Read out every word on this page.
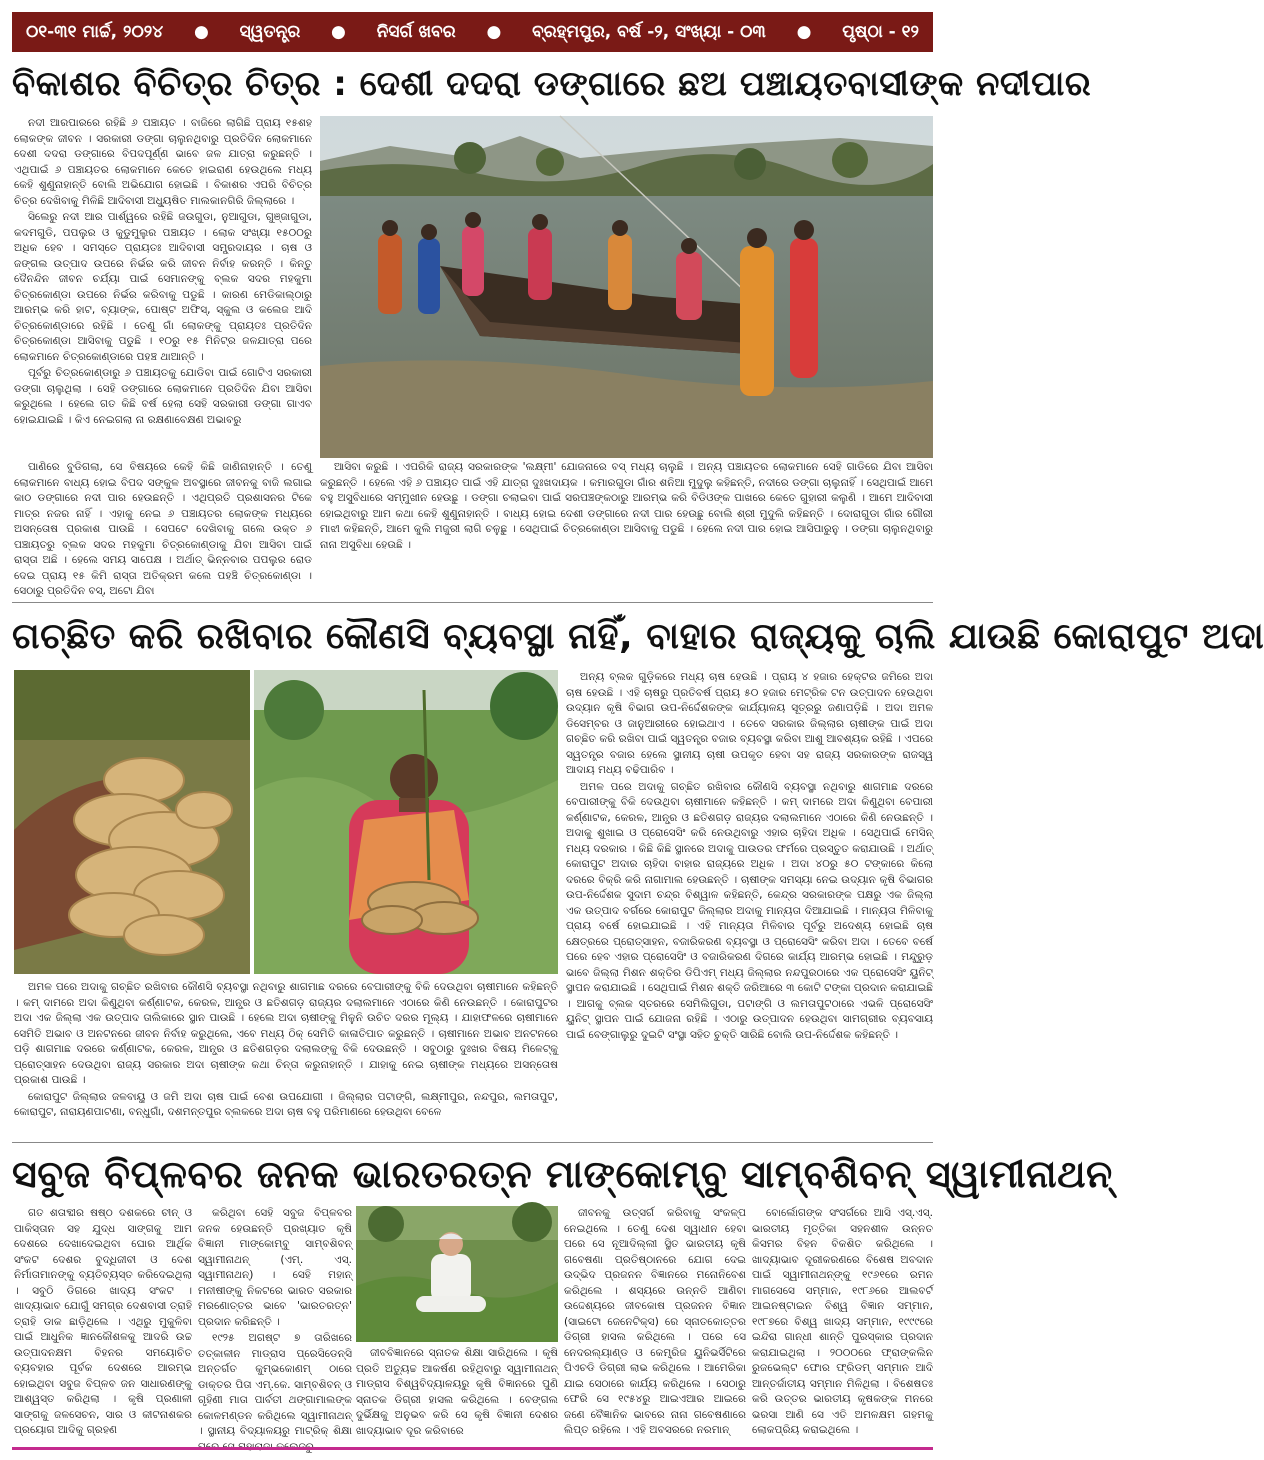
୦୧-୩୧ ମାର୍ଚ୍ଚ, ୨୦୨୪ ● ସ୍ୱତନ୍ତ୍ର ● ନିସର୍ଗ ଖବର ● ବ୍ରହ୍ମପୁର, ବର୍ଷ -୨, ସଂଖ୍ୟା - ୦୩ ● ପୃଷ୍ଠା - ୧୨
ବିକାଶର ବିଚିତ୍ର ଚିତ୍ର : ଦେଶୀ ଦଦରା ଡଙ୍ଗାରେ ଛଅ ପଞ୍ଚାୟତବାସୀଙ୍କ ନଦୀପାର

ନଦୀ ଆରପାରରେ ରହିଛି ୬ ପଞ୍ଚାୟତ । ବାଜିରେ ଲାଗିଛି ପ୍ରାୟ ୧୫ଶହ ଲୋକଙ୍କ ଜୀବନ । ସରକାରୀ ଡଙ୍ଗା ଚାଲୁନଥିବାରୁ ପ୍ରତିଦିନ ଲୋକମାନେ ଦେଶୀ ଦଦରା ଡଙ୍ଗାରେ ବିପଦପୂର୍ଣ୍ଣ ଭାବେ ଜଳ ଯାତ୍ରା କରୁଛନ୍ତି । ଏଥିପାଇଁ ୬ ପଞ୍ଚାୟତର ଲୋକମାନେ କେତେ ହାଇରାଣ ହେଉଥିଲେ ମଧ୍ୟ କେହି ଶୁଣୁନାହାନ୍ତି ବୋଲି ଅଭିଯୋଗ ହୋଇଛି । ବିକାଶର ଏପରି ବିଚିତ୍ର ଚିତ୍ର ଦେଖିବାକୁ ମିଳିଛି ଆଦିବାସୀ ଅଧ୍ୟୁଷିତ ମାଲକାନଗିରି ଜିଲ୍ଲାରେ ।

ସିଲେରୁ ନଦୀ ଆର ପାର୍ଶ୍ୱରେ ରହିଛି ଜଉଗୁଡା, ନୁଆଗୁଡା, ଗୁଞ୍ଜାଗୁଡା, କଦମଗୁଡି, ପପଲୁର ଓ କୁଡୁମୁଲୁର ପଞ୍ଚାୟତ । ଲୋକ ସଂଖ୍ୟା ୧୫୦୦ରୁ ଅଧିକ ହେବ । ସମସ୍ତେ ପ୍ରାୟତଃ ଆଦିବାସୀ ସମ୍ପ୍ରଦାୟର । ଚାଷ ଓ ଜଙ୍ଗଲ ଉତ୍ପାଦ ଉପରେ ନିର୍ଭର କରି ଜୀବନ ନିର୍ବାହ କରନ୍ତି । କିନ୍ତୁ ଦୈନନ୍ଦିନ ଜୀବନ ଚର୍ଯ୍ୟା ପାଇଁ ସେମାନଙ୍କୁ ବ୍ଲକ ସଦର ମହକୁମା ଚିତ୍ରକୋଣ୍ଡା ଉପରେ ନିର୍ଭର କରିବାକୁ ପଡୁଛି । କାରଣ ମେଡିକାଲ୍‌ଠାରୁ ଆରମ୍ଭ କରି ହାଟ, ବ୍ୟାଙ୍କ, ପୋଷ୍ଟ ଅଫିସ୍, ସ୍କୁଲ ଓ କଲେଜ ଆଦି ଚିତ୍ରକୋଣ୍ଡାରେ ରହିଛି । ତେଣୁ ଗାଁ ଲୋକଙ୍କୁ ପ୍ରାୟତଃ ପ୍ରତିଦିନ ଚିତ୍ରକୋଣ୍ଡା ଆସିବାକୁ ପଡୁଛି । ୧୦ରୁ ୧୫ ମିନିଟ୍ର ଜଳଯାତ୍ରା ପରେ ଲୋକମାନେ ଚିତ୍ରକୋଣ୍ଡାରେ ପହଞ୍ଚ ଥାଆନ୍ତି ।

ପୂର୍ବରୁ ଚିତ୍ରକୋଣ୍ଡାରୁ ୬ ପଞ୍ଚାୟତକୁ ଯୋଡିବା ପାଇଁ ଗୋଟିଏ ସରକାରୀ ଡଙ୍ଗା ଚାଲୁଥିଲା । ସେହି ଡଙ୍ଗାରେ ଲୋକମାନେ ପ୍ରତିଦିନ ଯିବା ଆସିବା କରୁଥିଲେ । ହେଲେ ଗତ କିଛି ବର୍ଷ ହେଲା ସେହି ସରକାରୀ ଡଙ୍ଗା ଗାଏବ ହୋଇଯାଇଛି । କିଏ ନେଇଗଲା ନା ରକ୍ଷଣାବେକ୍ଷଣ ଅଭାବରୁ

ପାଣିରେ ବୁଡିଗଲା, ସେ ବିଷୟରେ କେହି କିଛି ଜାଣିନାହାନ୍ତି । ତେଣୁ ଲୋକମାନେ ବାଧ୍ୟ ହୋଇ ବିପଦ ସଙ୍କୁଳ ଅବସ୍ଥାରେ ଜୀବନକୁ ବାଜି ଲଗାଇ କାଠ ଡଙ୍ଗାରେ ନଦୀ ପାର ହେଉଛନ୍ତି । ଏଥିପ୍ରତି ପ୍ରଶାସନର ଟିକେ ମାତ୍ର ନଜର ନାହିଁ । ଏହାକୁ ନେଇ ୬ ପଞ୍ଚାୟତର ଲୋକଙ୍କ ମଧ୍ୟରେ ଅସନ୍ତୋଷ ପ୍ରକାଶ ପାଉଛି । ସେପଟେ ଦେଖିବାକୁ ଗଲେ ଉକ୍ତ ୬ ପଞ୍ଚାୟତରୁ ବ୍ଲକ ସଦର ମହକୁମା ଚିତ୍ରକୋଣ୍ଡାକୁ ଯିବା ଆସିବା ପାଇଁ ରାସ୍ତା ଅଛି । ହେଲେ ସମୟ ସାପେକ୍ଷ । ଅର୍ଥାତ୍ ଭିନ୍ନବାର ପପଲୁର ରୋଡ ଦେଇ ପ୍ରାୟ ୧୫ କିମି ରାସ୍ତା ଅତିକ୍ରମ କଲେ ପହଞ୍ଚି ଚିତ୍ରକୋଣ୍ଡା । ସେଠାରୁ ପ୍ରତିଦିନ ବସ୍, ଅଟୋ ଯିବା

ଆସିବା କରୁଛି । ଏପରିକି ରାଜ୍ୟ ସରକାରଙ୍କ 'ଲକ୍ଷ୍ମୀ' ଯୋଜନାରେ ବସ୍ ମଧ୍ୟ ଚାଲୁଛି । ଅନ୍ୟ ପଞ୍ଚାୟତର ଲୋକମାନେ ସେହି ଗାଡିରେ ଯିବା ଆସିବା କରୁଛନ୍ତି । ହେଲେ ଏହି ୬ ପଞ୍ଚାୟତ ପାଇଁ ଏହି ଯାତ୍ରା ଦୁଃଖଦାୟକ । କମାରଗୁଡା ଗାଁର ଶନିଆ ମୁଦୁଲୁ କହିଛନ୍ତି, ନଦୀରେ ଡଙ୍ଗା ଚାଲୁନାହିଁ । ସେଥିପାଇଁ ଆମେ ବହୁ ଅସୁବିଧାରେ ସମ୍ମୁଖୀନ ହେଉଛୁ । ଡଙ୍ଗା ଚଲାଇବା ପାଇଁ ସରପଞ୍ଚଙ୍କଠାରୁ ଆରମ୍ଭ କରି ବିଡିଓଙ୍କ ପାଖରେ କେତେ ଗୁହାରୀ କଲୁଣି । ଆମେ ଆଦିବାସୀ ହୋଇଥିବାରୁ ଆମ କଥା କେହି ଶୁଣୁନାହାନ୍ତି । ବାଧ୍ୟ ହୋଇ ଦେଶୀ ଡଙ୍ଗାରେ ନଦୀ ପାର ହେଉଛୁ ବୋଲି ଶ୍ରୀ ମୁଦୁଲି କହିଛନ୍ତି । ଦୋରାଗୁଡା ଗାଁର ଗୌରୀ ମାଝୀ କହିଛନ୍ତି, ଆମେ କୁଲି ମଜୁରୀ ଲାଗି ଚଳୁଛୁ । ସେଥିପାଇଁ ଚିତ୍ରକୋଣ୍ଡା ଆସିବାକୁ ପଡୁଛି । ହେଲେ ନଦୀ ପାର ହୋଇ ଆସିପାରୁନୁ । ଡଙ୍ଗା ଚାଲୁନଥିବାରୁ ନାନା ଅସୁବିଧା ହେଉଛି ।

ଗଚ୍ଛିତ କରି ରଖିବାର କୌଣସି ବ୍ୟବସ୍ଥା ନାହିଁ, ବାହାର ରାଜ୍ୟକୁ ଚାଲି ଯାଉଛି କୋରାପୁଟ ଅଦା

ଅନ୍ୟ ବ୍ଲକ ଗୁଡ଼ିକରେ ମଧ୍ୟ ଚାଷ ହେଉଛି । ପ୍ରାୟ ୪ ହଜାର ହେକ୍ଟର ଜମିରେ ଅଦା ଚାଷ ହେଉଛି । ଏହି ଚାଷରୁ ପ୍ରତିବର୍ଷ ପ୍ରାୟ ୫୦ ହଜାର ମେଟ୍ରିକ ଟନ ଉତ୍ପାଦନ ହେଉଥିବା ଉଦ୍ୟାନ କୃଷି ବିଭାଗ ଉପ-ନିର୍ଦ୍ଦେଶକଙ୍କ କାର୍ଯ୍ୟାଳୟ ସୂତ୍ରରୁ ଜଣାପଡ଼ିଛି । ଅଦା ଅମଳ ଡିସେମ୍ବର ଓ ଜାନୁଆରୀରେ ହୋଇଥାଏ । ତେବେ ସରକାର ଜିଲ୍ଲାର ଚାଷୀଙ୍କ ପାଇଁ ଅଦା ଗଚ୍ଛିତ କରି ରଖିବା ପାଇଁ ସ୍ୱତନ୍ତ୍ର ବଜାର ବ୍ୟବସ୍ଥା କରିବା ଆଶୁ ଆବଶ୍ୟକ ରହିଛି । ଏପରେ ସ୍ୱତନ୍ତ୍ର ବଜାର ହେଲେ ସ୍ଥାନୀୟ ଚାଷୀ ଉପକୃତ ହେବା ସହ ରାଜ୍ୟ ସରକାରଙ୍କ ରାଜସ୍ୱ ଆଦାୟ ମଧ୍ୟ ବଢିପାରିବ ।

ଅମଳ ପରେ ଅଦାକୁ ଗଚ୍ଛିତ ରଖିବାର କୌଣସି ବ୍ୟବସ୍ଥା ନଥିବାରୁ ଶାଗମାଛ ଦରରେ ବେପାରୀଙ୍କୁ ବିକି ଦେଉଥିବା ଚାଷୀମାନେ କହିଛନ୍ତି । କମ୍ ଦାମରେ ଅଦା କିଣୁଥିବା ବେପାରୀ କର୍ଣ୍ଣାଟକ, କେରଳ, ଆନ୍ଧ୍ର ଓ ଛତିଶଗଡ଼ ରାଜ୍ୟର ଦଲାଲମାନେ ଏଠାରେ କିଣି ନେଉଛନ୍ତି । ଅଦାକୁ ଶୁଖାଇ ଓ ପ୍ରୋସେସିଂ କରି ନେଉଥିବାରୁ ଏହାର ଚାହିଦା ଅଧିକ । ସେଥିପାଇଁ ମେସିନ୍ ମଧ୍ୟ ଦରକାର । କିଛି କିଛି ସ୍ଥାନରେ ଅଦାକୁ ପାଉଡର ଫର୍ମରେ ପ୍ରସ୍ତୁତ କରାଯାଉଛି । ଅର୍ଥାତ୍ କୋରାପୁଟ ଅଦାର ଚାହିଦା ବାହାର ରାଜ୍ୟରେ ଅଧିକ । ଅଦା ୪୦ରୁ ୫୦ ଟଙ୍କାରେ କିଲୋ ଦରରେ ବିକ୍ରି କରି ନାଗାମାଲ ହେଉଛନ୍ତି । ଚାଷୀଙ୍କ ସମସ୍ୟା ନେଇ ଉଦ୍ୟାନ କୃଷି ବିଭାଗର ଉପ-ନିର୍ଦ୍ଦେଶକ ସୁଦାମ ଚନ୍ଦ୍ର ବିଶ୍ୱାଳ କହିଛନ୍ତି, କେନ୍ଦ୍ର ସରକାରଙ୍କ ପକ୍ଷରୁ ଏକ ଜିଲ୍ଲା ଏକ ଉତ୍ପାଦ ବର୍ଗରେ କୋରାପୁଟ ଜିଲ୍ଲାର ଅଦାକୁ ମାନ୍ୟତା ଦିଆଯାଇଛି । ମାନ୍ୟତା ମିଳିବାକୁ ପ୍ରାୟ ବର୍ଷେ ହୋଇଯାଇଛି । ଏହି ମାନ୍ୟତା ମିଳିବାର ପୂର୍ବରୁ ଅଦେଶ୍ୟ ହୋଇଛି ଚାଷ କ୍ଷେତ୍ରରେ ପ୍ରୋତ୍ସାହନ, ବଜାରିକରଣ ବ୍ୟବସ୍ଥା ଓ ପ୍ରୋସେସିଂ କରିବା ଅଦା । ତେବେ ବର୍ଷେ ପରେ ହେବ ଏହାର ପ୍ରୋସେସିଂ ଓ ବଜାରିକରଣ ଦିଗରେ କାର୍ଯ୍ୟ ଆରମ୍ଭ ହୋଇଛି । ମନ୍ଦୁରୁଡ଼ ଭାବେ ଜିଲ୍ଲା ମିଶନ ଶକ୍ତିର ଡିପିଏମ୍ ମଧ୍ୟ ଜିଲ୍ଲାର ନନ୍ଦପୁରଠାରେ ଏକ ପ୍ରୋସେସିଂ ୟୁନିଟ୍ ସ୍ଥାପନ କରାଯାଇଛି । ସେଥିପାଇଁ ମିଶନ ଶକ୍ତି ଜରିଆରେ ୩ କୋଟି ଟଙ୍କା ପ୍ରଦାନ କରାଯାଇଛି । ଆଗକୁ ବ୍ଲକ ସ୍ତରରେ ସେମିଲିଗୁଡା, ପଟାଙ୍ଗି ଓ ଲମତାପୁଟଠାରେ ଏଭଳି ପ୍ରୋସେସିଂ ୟୁନିଟ୍ ସ୍ଥାପନ ପାଇଁ ଯୋଜନା ରହିଛି । ଏଠାରୁ ଉତ୍ପାଦନ ହେଉଥିବା ସାମଗ୍ରୀର ବ୍ୟବସାୟ ପାଇଁ ବେଙ୍ଗାଲୁରୁ ଦୁଇଟି ସଂସ୍ଥା ସହିତ ଚୁକ୍ତି ସାରିଛି ବୋଲି ଉପ-ନିର୍ଦ୍ଦେଶକ କହିଛନ୍ତି ।

ଅମଳ ପରେ ଅଦାକୁ ଗଚ୍ଛିତ ରଖିବାର କୌଣସି ବ୍ୟବସ୍ଥା ନଥିବାରୁ ଶାଗମାଛ ଦରରେ ବେପାରୀଙ୍କୁ ବିକି ଦେଉଥିବା ଚାଷୀମାନେ କହିଛନ୍ତି । କମ୍ ଦାମରେ ଅଦା କିଣୁଥିବା କର୍ଣ୍ଣାଟକ, କେରଳ, ଆନ୍ଧ୍ର ଓ ଛତିଶଗଡ଼ ରାଜ୍ୟର ଦଲାଲମାନେ ଏଠାରେ କିଣି ନେଉଛନ୍ତି । କୋରାପୁଟର ଅଦା ଏକ ଜିଲ୍ଲା ଏକ ଉତ୍ପାଦ ତାଲିକାରେ ସ୍ଥାନ ପାଉଛି । ହେଲେ ଅଦା ଚାଷୀଙ୍କୁ ମିଳୁନି ଉଚିତ ଦରର ମୂଲ୍ୟ । ଯାହାଫଳରେ ଚାଷୀମାନେ ସେମିତି ଅଭାବ ଓ ଅନଟନରେ ଜୀବନ ନିର୍ବାହ କରୁଥିଲେ, ଏବେ ମଧ୍ୟ ଠିକ୍ ସେମିତି କାଳାତିପାତ କରୁଛନ୍ତି । ଚାଷୀମାନେ ଅଭାବ ଅନଟନରେ ପଡ଼ି ଶାଗମାଛ ଦରରେ କର୍ଣ୍ଣାଟକ, କେରଳ, ଆନ୍ଧ୍ର ଓ ଛତିଶଗଡ଼ର ଦଲାଲଙ୍କୁ ବିକି ଦେଉଛନ୍ତି । ସବୁଠାରୁ ଦୁଃଖର ବିଷୟ ମିଳେଟ୍‌କୁ ପ୍ରୋତ୍ସାହନ ଦେଉଥିବା ରାଜ୍ୟ ସରକାର ଅଦା ଚାଷୀଙ୍କ କଥା ଚିନ୍ତା କରୁନାହାନ୍ତି । ଯାହାକୁ ନେଇ ଚାଷୀଙ୍କ ମଧ୍ୟରେ ଅସନ୍ତୋଷ ପ୍ରକାଶ ପାଉଛି ।

କୋରାପୁଟ ଜିଲ୍ଲାର ଜଳବାୟୁ ଓ ଜମି ଅଦା ଚାଷ ପାଇଁ ବେଶ ଉପଯୋଗୀ । ଜିଲ୍ଲାର ପଟାଙ୍ଗି, ଲକ୍ଷ୍ମୀପୁର, ନନ୍ଦପୁର, ଲମତାପୁଟ, କୋରାପୁଟ, ନାରାୟଣପାଟଣା, ବନ୍ଧୁଗାଁ, ଦଶମନ୍ତପୁର ବ୍ଲକରେ ଅଦା ଚାଷ ବହୁ ପରିମାଣରେ ହେଉଥିବା ବେଳେ

ସବୁଜ ବିପ୍ଳବର ଜନକ ଭାରତରତ୍ନ ମାଙ୍କୋମ୍ବୁ ସାମ୍ବଶିବନ୍ ସ୍ୱାମୀନାଥନ୍

ଗତ ଶତାବ୍ଦୀର ଷଷ୍ଠ ଦଶକରେ ଚୀନ୍ ଓ ପାକିସ୍ତାନ ସହ ଯୁଦ୍ଧ ସାଙ୍ଗକୁ ଆମ ଦେଶରେ ଦେଖାଦେଇଥିବା ଘୋର ଆର୍ଥିକ ସଂକଟ ଦେଶର ବୁଦ୍ଧିଜୀବୀ ଓ ଦେଶ ନିର୍ମାତାମାନଙ୍କୁ ବ୍ୟତିବ୍ୟସ୍ତ କରିଦେଇଥିଲା । ସବୁଠି ଡିଗରେ ଖାଦ୍ୟ ସଂକଟ । ଖାଦ୍ୟାଭାବ ଯୋଗୁଁ ସମଗ୍ର ଦେଶବାସୀ ତ୍ରାହି ତ୍ରାହି ଡାକ ଛାଡ଼ିଥିଲେ । ଏଥିରୁ ମୁକୁଳିବା ପାଇଁ ଆଧୁନିକ ଜ୍ଞାନକୌଶଳକୁ ଆଦରି ଉଚ୍ଚ ଉତ୍ପାଦନକ୍ଷମ ବିହନର ସମୟୋଚିତ ବ୍ୟବହାର ପୂର୍ବକ ଦେଶରେ ଆରମ୍ଭ ହୋଇଥିବା ସବୁଜ ବିପ୍ଳବ ଜନ ସାଧାରଣଙ୍କୁ ଆଶ୍ୱସ୍ତ କରିଥିଲା । କୃଷି ପ୍ରଣାଳୀ ସାଙ୍ଗକୁ ଜଳସେଚନ, ସାର ଓ କୀଟନାଶକର ପ୍ରୟୋଗ ଆଦିକୁ ଗ୍ରହଣ

କରିଥିବା ସେହି ସବୁଜ ବିପ୍ଳବର ଜନକ ହେଉଛନ୍ତି ପ୍ରଖ୍ୟାତ କୃଷି ବିଜ୍ଞାନୀ ମାଙ୍କୋମ୍ବୁ ସାମ୍ବଶିବନ୍ ସ୍ୱାମୀନାଥନ୍ (ଏମ୍. ଏସ୍. ସ୍ୱାମୀନାଥନ୍) । ସେହି ମହାନ୍ ମନୀଷୀଙ୍କୁ ନିକଟରେ ଭାରତ ସରକାର ମରଣୋତ୍ତର ଭାବେ 'ଭାରତରତ୍ନ' ପ୍ରଦାନ କରିଛନ୍ତି ।

୧୯୨୫ ଅଗଷ୍ଟ ୭ ତାରିଖରେ ତତ୍କାଳୀନ ମାଡ୍ରାସ ପ୍ରେସିଡେନ୍ସି ଅନ୍ତର୍ଗତ କୁମ୍ଭକୋଣମ୍ ଠାରେ ଡାକ୍ତର ପିତା ଏମ୍.କେ. ସାମ୍ବଶିବନ୍ ଓ ଗୃହିଣୀ ମାତା ପାର୍ବତୀ ଥଙ୍ଗାମାଲଙ୍କ କୋଳମଣ୍ଡନ କରିଥିଲେ ସ୍ୱାମୀନାଥନ୍ । ସ୍ଥାନୀୟ ବିଦ୍ୟାଳୟରୁ ମାଟ୍ରିକ୍ ଶିକ୍ଷା

ଜୀବବିଜ୍ଞାନରେ ସ୍ନାତକ ଶିକ୍ଷା ସାରିଥିଲେ । କୃଷି ପ୍ରତି ଅତ୍ୟୁଚ୍ଚ ଆକର୍ଷଣ ରହିଥିବାରୁ ସ୍ୱାମୀନାଥନ୍ ମାଡ୍ରାସ ବିଶ୍ୱବିଦ୍ୟାଳୟରୁ କୃଷି ବିଜ୍ଞାନରେ ପୁଣି ସ୍ନାତକ ଡିଗ୍ରୀ ହାସଲ କରିଥିଲେ । ବେଙ୍ଗଲ ଦୁର୍ଭିକ୍ଷକୁ ଅନୁଭବ କରି ସେ କୃଷି ବିଜ୍ଞାନୀ ଦେଶର ଖାଦ୍ୟାଭାବ ଦୂର କରିବାରେ

ଜୀବନକୁ ଉତ୍ସର୍ଗ କରିବାକୁ ସଂକଳ୍ପ ନେଇଥିଲେ । ତେଣୁ ଦେଶ ସ୍ୱାଧୀନ ହେବା ପରେ ସେ ନୂଆଦିଲ୍ଲୀ ସ୍ଥିତ ଭାରତୀୟ କୃଷି ଗବେଷଣା ପ୍ରତିଷ୍ଠାନରେ ଯୋଗ ଦେଇ ଉଦ୍ଭିଦ ପ୍ରଜନନ ବିଜ୍ଞାନରେ ମନୋନିବେଶ କରିଥିଲେ । ଶସ୍ୟରେ ଉନ୍ନତି ଆଣିବା ଉଦ୍ଦେଶ୍ୟରେ ଜୀବକୋଷ ପ୍ରଜନନ ବିଜ୍ଞାନ (ସାଇଟୋ ଜେନେଟିକ୍ସ) ରେ ସ୍ନାତକୋତ୍ତର ଡିଗ୍ରୀ ହାସଲ କରିଥିଲେ । ପରେ ସେ ନେଦରଲ୍ୟାଣ୍ଡ ଓ କେମ୍ବ୍ରିଜ ୟୁନିଭର୍ସିଟିରେ ପିଏଚଡି ଡିଗ୍ରୀ ଲାଭ କରିଥିଲେ । ଆମେରିକା ଯାଇ ସେଠାରେ କାର୍ଯ୍ୟ କରିଥିଲେ । ସେଠାରୁ ଫେରି ସେ ୧୯୫୪ରୁ ଆଇଏଆର ଆଇରେ ଜଣେ ବୈଜ୍ଞାନିକ ଭାବରେ ନାନା ଗବେଷଣାରେ ଲିପ୍ତ ରହିଲେ । ଏହି ଅବସରରେ ନରମାନ୍

ବୋର୍ଲୋଗଙ୍କ ସଂସର୍ଗରେ ଆସି ଏସ୍.ଏସ୍. ଭାରତୀୟ ମୃତ୍ତିକା ସହନଶୀଳ ଉନ୍ନତ କିସମର ବିହନ ବିକଶିତ କରିଥିଲେ । ଖାଦ୍ୟାଭାବ ଦୂରୀକରଣରେ ବିଶେଷ ଅବଦାନ ପାଇଁ ସ୍ୱାମୀନାଥନ୍‌ଙ୍କୁ ୧୯୬୧ରେ ରମନ ମାଗସେସେ ସମ୍ମାନ, ୧୯୮୬ରେ ଆଲବର୍ଟ ଆଇନଷ୍ଟାଇନ ବିଶ୍ୱ ବିଜ୍ଞାନ ସମ୍ମାନ, ୧୯୮୭ରେ ବିଶ୍ୱ ଖାଦ୍ୟ ସମ୍ମାନ, ୧୯୯୯ରେ ଇନ୍ଦିରା ଗାନ୍ଧୀ ଶାନ୍ତି ପୁରସ୍କାର ପ୍ରଦାନ କରାଯାଇଥିଲା । ୨୦୦୦ରେ ଫ୍ରାଙ୍କଲିନ ରୁଜଭେଲ୍ଟ ଫୋର ଫ୍ରିଡମ୍ ସମ୍ମାନ ଆଦି ଆନ୍ତର୍ଜାତୀୟ ସମ୍ମାନ ମିଳିଥିଲା । ବିଶେଷତଃ କରି ଉତ୍ତର ଭାରତୀୟ କୃଷକଙ୍କ ମନରେ ଭରସା ଆଣି ସେ ଏତି ଅମଳକ୍ଷମ ଗହମକୁ ଲୋକପ୍ରିୟ କରାଇଥିଲେ ।
